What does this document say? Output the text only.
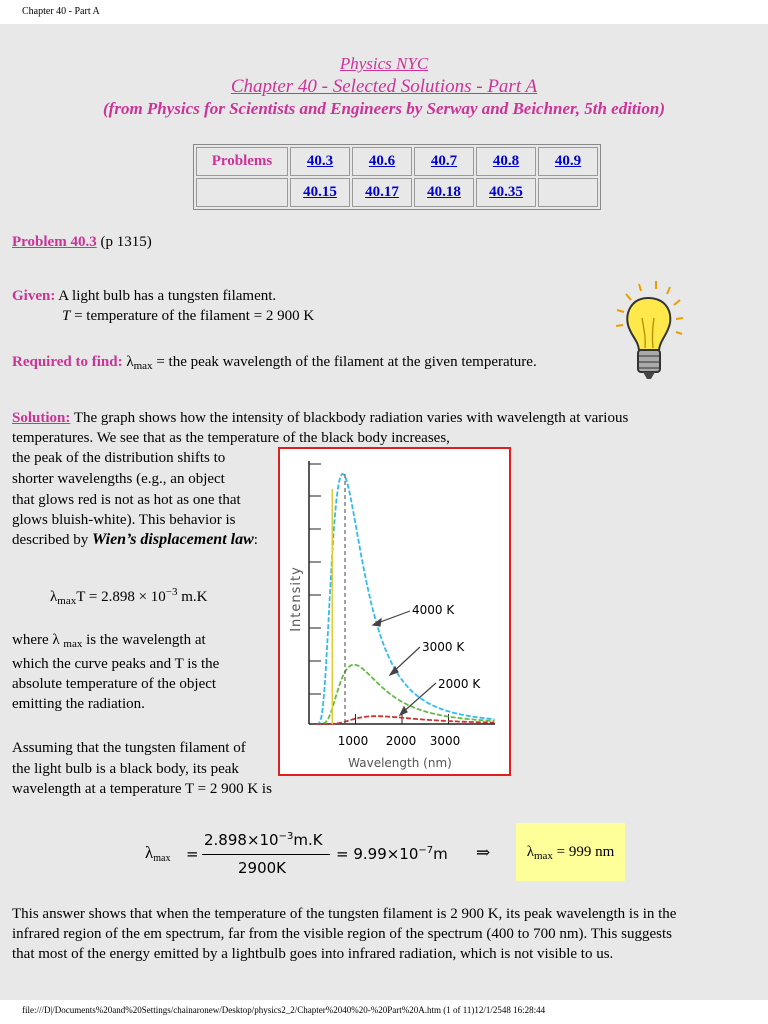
Chapter 40 - Part A
Physics NYC
Chapter 40 - Selected Solutions - Part A
(from Physics for Scientists and Engineers by Serway and Beichner, 5th edition)
Problems	40.3	40.6	40.7	40.8	40.9
	40.15	40.17	40.18	40.35	
Problem 40.3 (p 1315)
Given: A light bulb has a tungsten filament.
T = temperature of the filament = 2 900 K
Required to find: $\lambda_{max}$ = the peak wavelength of the filament at the given temperature.
Solution: The graph shows how the intensity of blackbody radiation varies with wavelength at various
temperatures. We see that as the temperature of the black body increases,
the peak of the distribution shifts to
shorter wavelengths (e.g., an object
that glows red is not as hot as one that
glows bluish-white). This behavior is
described by Wien’s displacement law:
$\lambda_{max}T = 2.898 \times 10^{-3}$ m.K
where λ $_{max}$ is the wavelength at
which the curve peaks and T is the
absolute temperature of the object
emitting the radiation.
Assuming that the tungsten filament of
the light bulb is a black body, its peak
wavelength at a temperature T = 2 900 K is
Intensity
Wavelength (nm)
1000 2000 3000
4000 K
3000 K
2000 K
$\lambda_{max}$ =
$2.898\times 10^{-3}m.K$
2900K
= $9.99\times 10^{-7}m$ ⇒	$\lambda_{max} = 999$ nm
This answer shows that when the temperature of the tungsten filament is 2 900 K, its peak wavelength is in the
infrared region of the em spectrum, far from the visible region of the spectrum (400 to 700 nm). This suggests
that most of the energy emitted by a lightbulb goes into infrared radiation, which is not visible to us.
file:///D|/Documents%20and%20Settings/chainaronew/Desktop/physics2_2/Chapter%2040%20-%20Part%20A.htm (1 of 11)12/1/2548 16:28:44
